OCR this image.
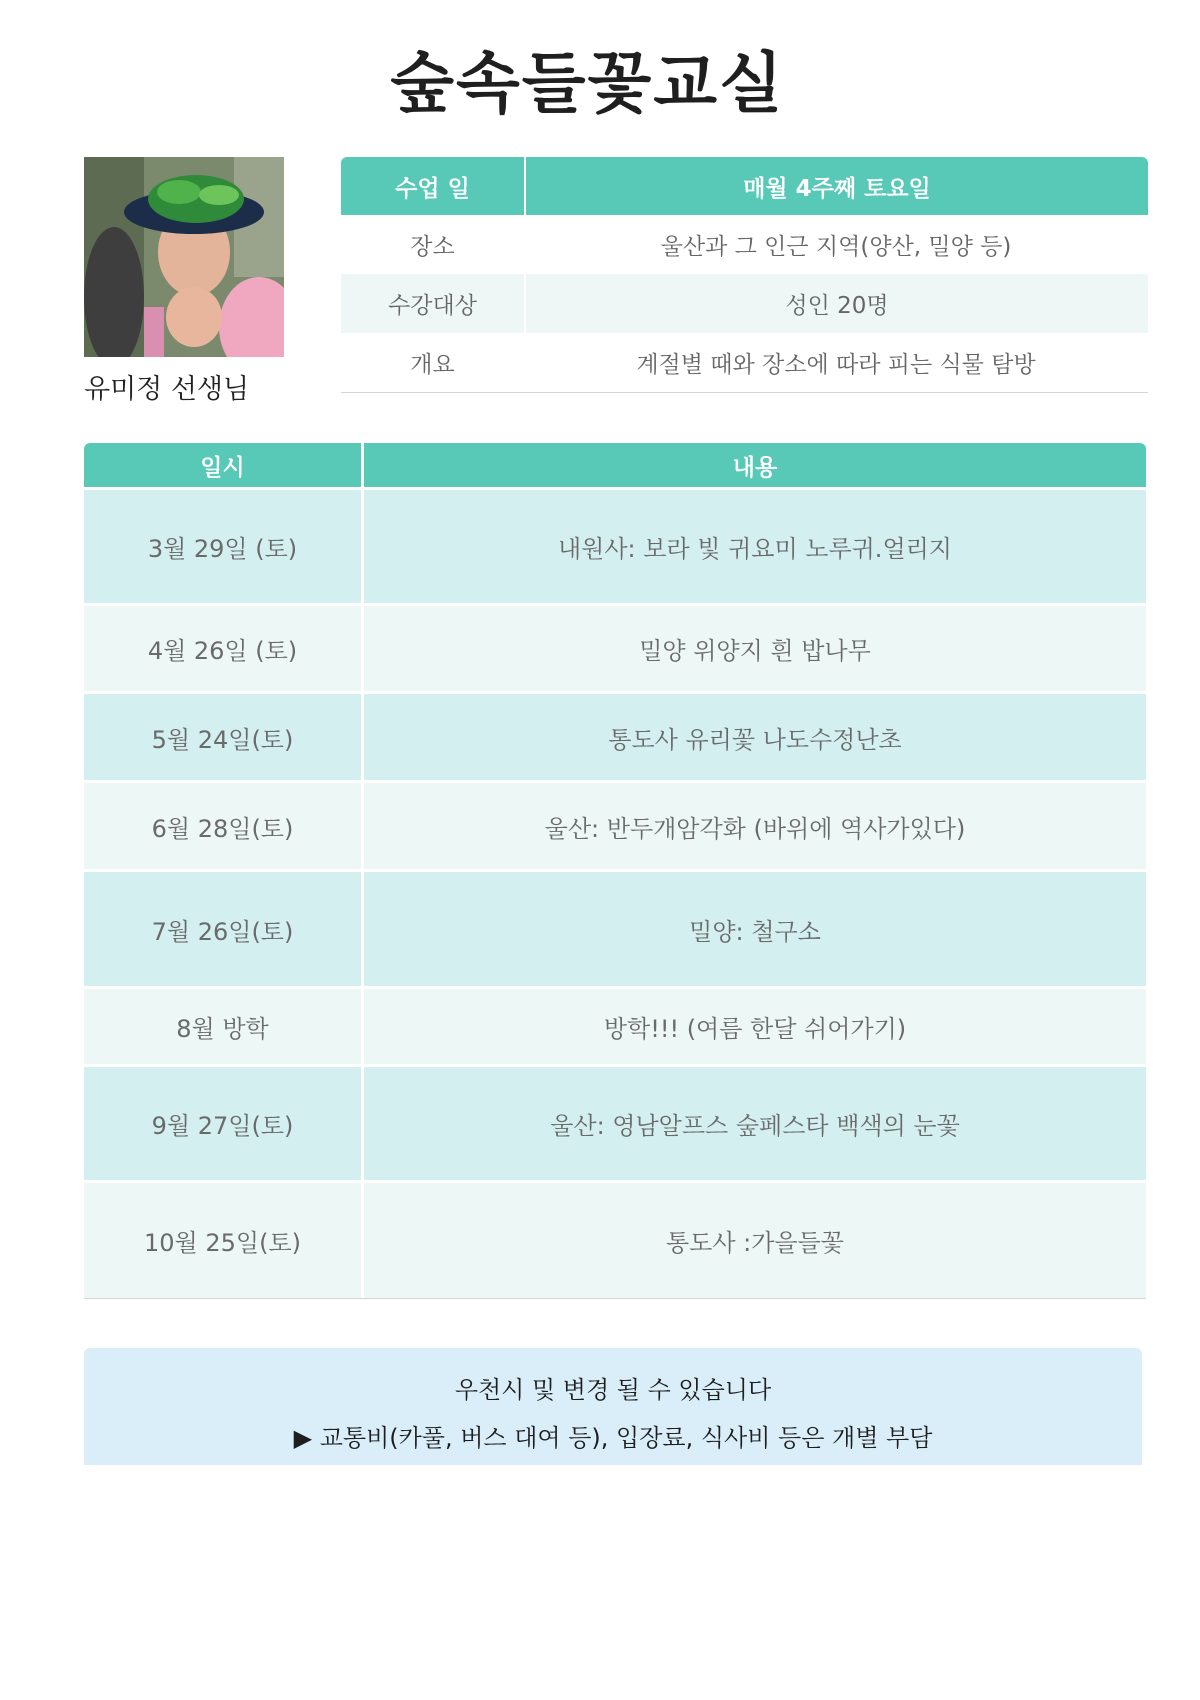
숲속들꽃교실
유미정 선생님
수업 일	매월 4주째 토요일
장소	울산과 그 인근 지역(양산, 밀양 등)
수강대상	성인 20명
개요	계절별 때와 장소에 따라 피는 식물 탐방
일시	내용
3월 29일 (토)	내원사: 보라 빛 귀요미 노루귀.얼리지
4월 26일 (토)	밀양 위양지 흰 밥나무
5월 24일(토)	통도사 유리꽃 나도수정난초
6월 28일(토)	울산: 반두개암각화 (바위에 역사가있다)
7월 26일(토)	밀양: 철구소
8월 방학	방학!!! (여름 한달 쉬어가기)
9월 27일(토)	울산: 영남알프스 숲페스타 백색의 눈꽃
10월 25일(토)	통도사 :가을들꽃
우천시 및 변경 될 수 있습니다
▶ 교통비(카풀, 버스 대여 등), 입장료, 식사비 등은 개별 부담
